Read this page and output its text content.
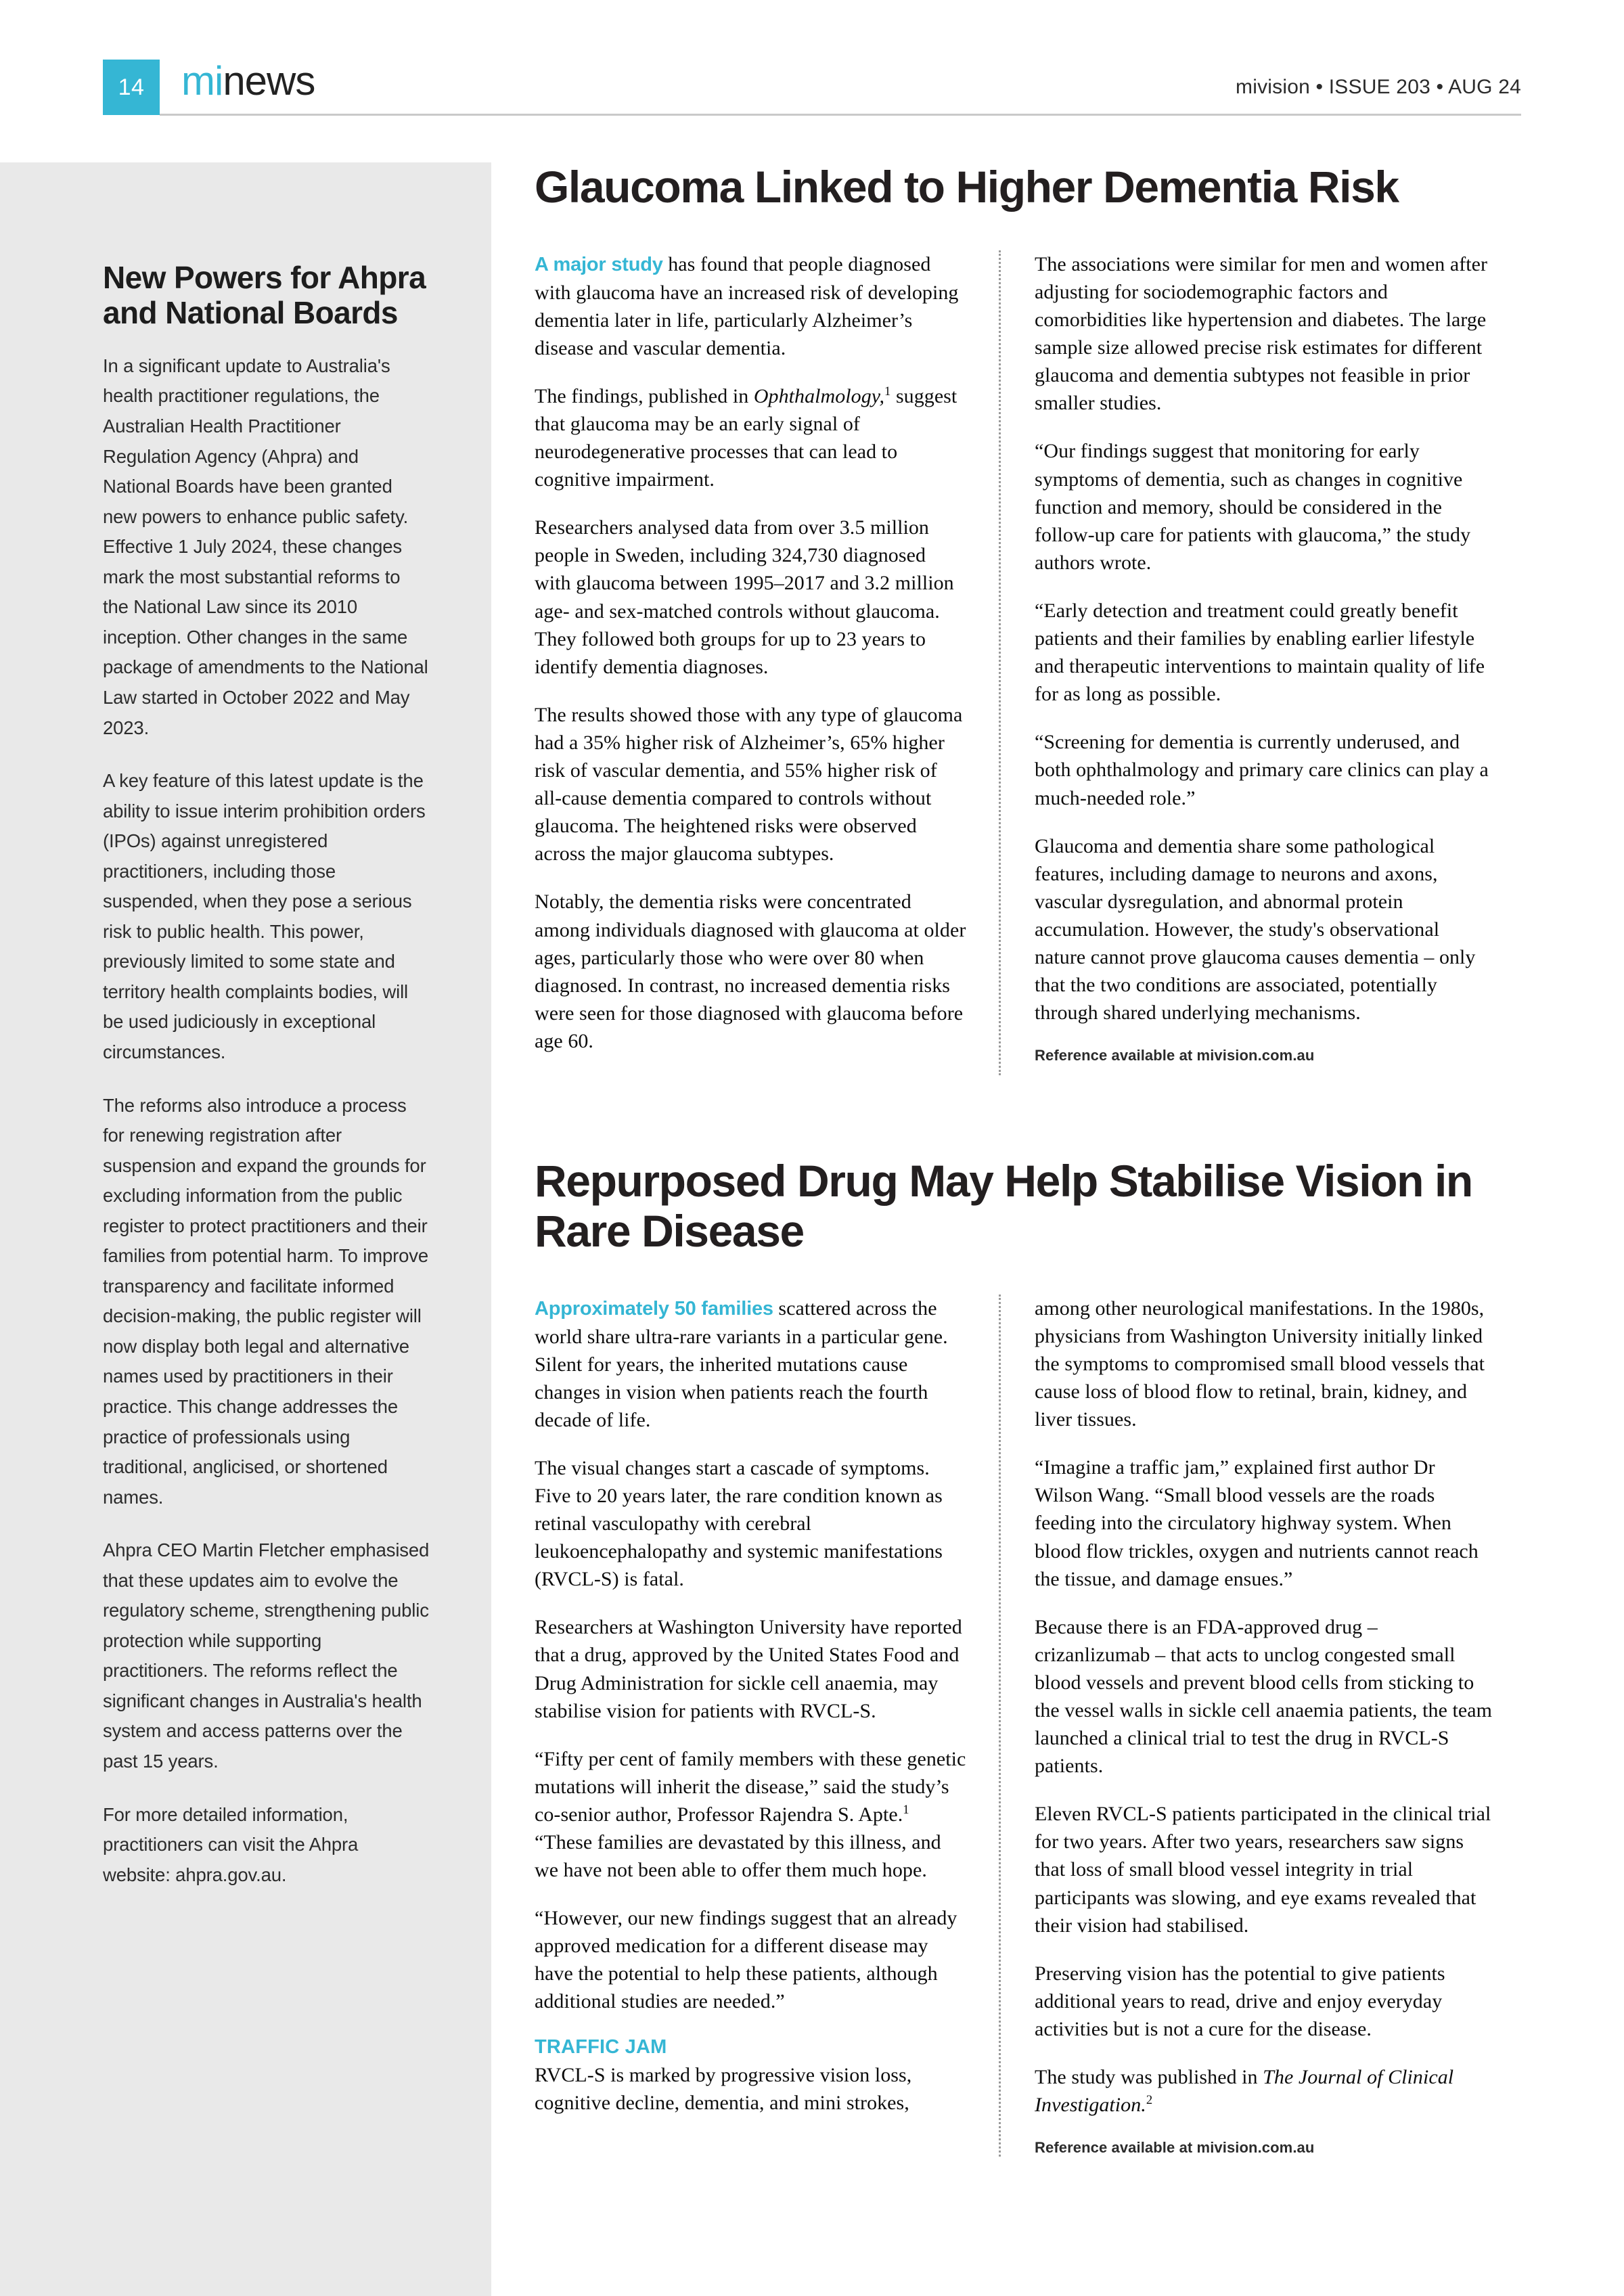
14 minews	mivision • ISSUE 203 • AUG 24
New Powers for Ahpra and National Boards

In a significant update to Australia's health practitioner regulations, the Australian Health Practitioner Regulation Agency (Ahpra) and National Boards have been granted new powers to enhance public safety. Effective 1 July 2024, these changes mark the most substantial reforms to the National Law since its 2010 inception. Other changes in the same package of amendments to the National Law started in October 2022 and May 2023.

A key feature of this latest update is the ability to issue interim prohibition orders (IPOs) against unregistered practitioners, including those suspended, when they pose a serious risk to public health. This power, previously limited to some state and territory health complaints bodies, will be used judiciously in exceptional circumstances.

The reforms also introduce a process for renewing registration after suspension and expand the grounds for excluding information from the public register to protect practitioners and their families from potential harm. To improve transparency and facilitate informed decision-making, the public register will now display both legal and alternative names used by practitioners in their practice. This change addresses the practice of professionals using traditional, anglicised, or shortened names.

Ahpra CEO Martin Fletcher emphasised that these updates aim to evolve the regulatory scheme, strengthening public protection while supporting practitioners. The reforms reflect the significant changes in Australia's health system and access patterns over the past 15 years.

For more detailed information, practitioners can visit the Ahpra website: ahpra.gov.au.

Glaucoma Linked to Higher Dementia Risk

A major study has found that people diagnosed with glaucoma have an increased risk of developing dementia later in life, particularly Alzheimer’s disease and vascular dementia.

The findings, published in Ophthalmology,$^1$ suggest that glaucoma may be an early signal of neurodegenerative processes that can lead to cognitive impairment.

Researchers analysed data from over 3.5 million people in Sweden, including 324,730 diagnosed with glaucoma between 1995–2017 and 3.2 million age- and sex-matched controls without glaucoma. They followed both groups for up to 23 years to identify dementia diagnoses.

The results showed those with any type of glaucoma had a 35% higher risk of Alzheimer’s, 65% higher risk of vascular dementia, and 55% higher risk of all-cause dementia compared to controls without glaucoma. The heightened risks were observed across the major glaucoma subtypes.

Notably, the dementia risks were concentrated among individuals diagnosed with glaucoma at older ages, particularly those who were over 80 when diagnosed. In contrast, no increased dementia risks were seen for those diagnosed with glaucoma before age 60.

The associations were similar for men and women after adjusting for sociodemographic factors and comorbidities like hypertension and diabetes. The large sample size allowed precise risk estimates for different glaucoma and dementia subtypes not feasible in prior smaller studies.

“Our findings suggest that monitoring for early symptoms of dementia, such as changes in cognitive function and memory, should be considered in the follow-up care for patients with glaucoma,” the study authors wrote.

“Early detection and treatment could greatly benefit patients and their families by enabling earlier lifestyle and therapeutic interventions to maintain quality of life for as long as possible.

“Screening for dementia is currently underused, and both ophthalmology and primary care clinics can play a much-needed role.”

Glaucoma and dementia share some pathological features, including damage to neurons and axons, vascular dysregulation, and abnormal protein accumulation. However, the study's observational nature cannot prove glaucoma causes dementia – only that the two conditions are associated, potentially through shared underlying mechanisms.

Reference available at mivision.com.au

Repurposed Drug May Help Stabilise Vision in Rare Disease

Approximately 50 families scattered across the world share ultra-rare variants in a particular gene. Silent for years, the inherited mutations cause changes in vision when patients reach the fourth decade of life.

The visual changes start a cascade of symptoms. Five to 20 years later, the rare condition known as retinal vasculopathy with cerebral leukoencephalopathy and systemic manifestations (RVCL-S) is fatal.

Researchers at Washington University have reported that a drug, approved by the United States Food and Drug Administration for sickle cell anaemia, may stabilise vision for patients with RVCL-S.

“Fifty per cent of family members with these genetic mutations will inherit the disease,” said the study’s co-senior author, Professor Rajendra S. Apte.$^1$ “These families are devastated by this illness, and we have not been able to offer them much hope.

“However, our new findings suggest that an already approved medication for a different disease may have the potential to help these patients, although additional studies are needed.”

TRAFFIC JAM

RVCL-S is marked by progressive vision loss, cognitive decline, dementia, and mini strokes,

among other neurological manifestations. In the 1980s, physicians from Washington University initially linked the symptoms to compromised small blood vessels that cause loss of blood flow to retinal, brain, kidney, and liver tissues.

“Imagine a traffic jam,” explained first author Dr Wilson Wang. “Small blood vessels are the roads feeding into the circulatory highway system. When blood flow trickles, oxygen and nutrients cannot reach the tissue, and damage ensues.”

Because there is an FDA-approved drug – crizanlizumab – that acts to unclog congested small blood vessels and prevent blood cells from sticking to the vessel walls in sickle cell anaemia patients, the team launched a clinical trial to test the drug in RVCL-S patients.

Eleven RVCL-S patients participated in the clinical trial for two years. After two years, researchers saw signs that loss of small blood vessel integrity in trial participants was slowing, and eye exams revealed that their vision had stabilised.

Preserving vision has the potential to give patients additional years to read, drive and enjoy everyday activities but is not a cure for the disease.

The study was published in The Journal of Clinical Investigation.$^2$

Reference available at mivision.com.au
